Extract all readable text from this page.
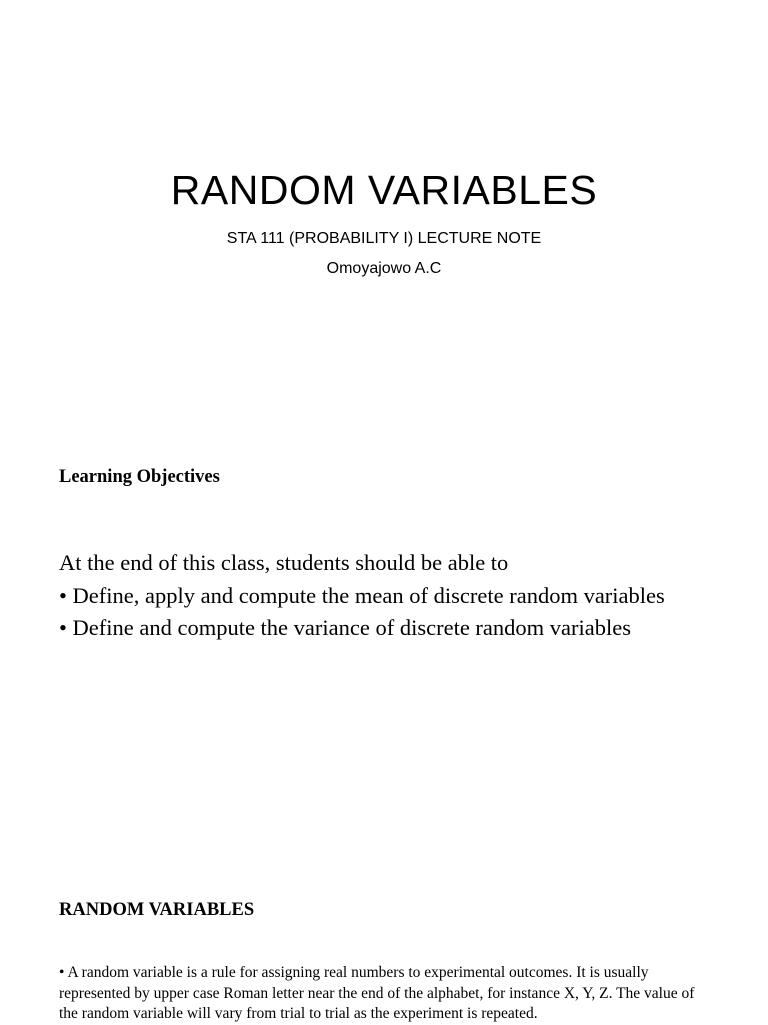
RANDOM VARIABLES
STA 111 (PROBABILITY I) LECTURE NOTE
Omoyajowo A.C
Learning Objectives
At the end of this class, students should be able to
• Define, apply and compute the mean of discrete random variables
• Define and compute the variance of discrete random variables
RANDOM VARIABLES

• A random variable is a rule for assigning real numbers to experimental outcomes. It is usually represented by upper case Roman letter near the end of the alphabet, for instance X, Y, Z. The value of the random variable will vary from trial to trial as the experiment is repeated.
